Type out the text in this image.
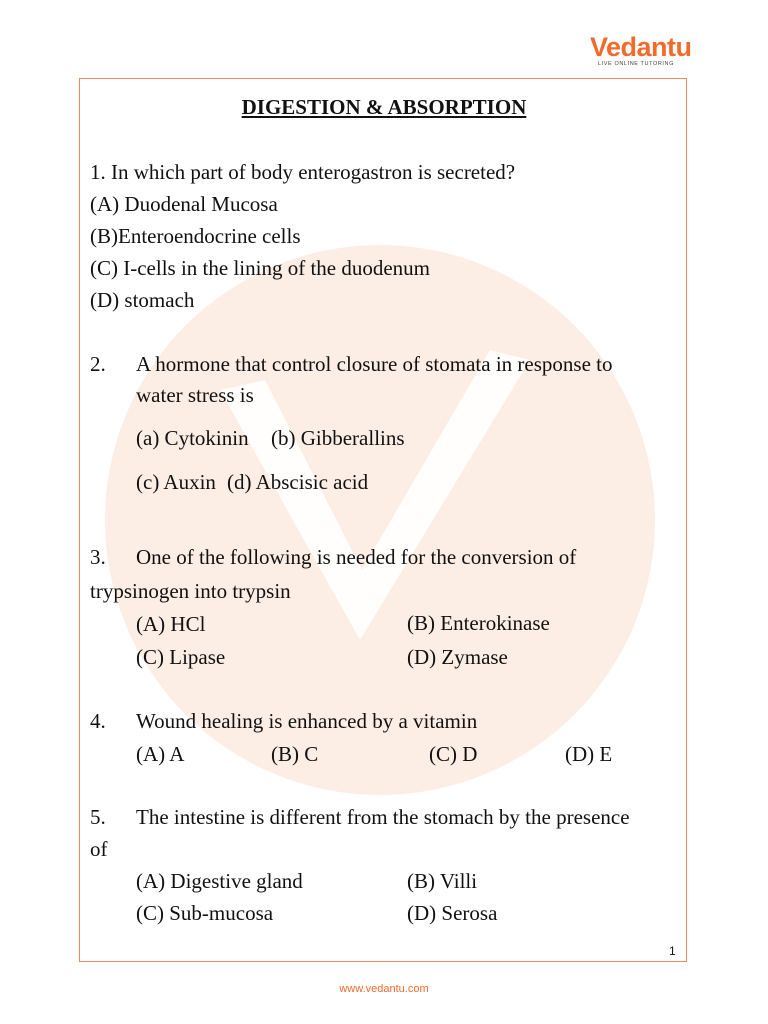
Vedantu
LIVE ONLINE TUTORING
DIGESTION & ABSORPTION
1. In which part of body enterogastron is secreted?
(A) Duodenal Mucosa
(B)Enteroendocrine cells
(C) I-cells in the lining of the duodenum
(D) stomach
2. A hormone that control closure of stomata in response to
water stress is
(a) Cytokinin (b) Gibberallins
(c) Auxin (d) Abscisic acid
3. One of the following is needed for the conversion of
trypsinogen into trypsin
(A) HCl	(B) Enterokinase
(C) Lipase	(D) Zymase
4. Wound healing is enhanced by a vitamin
(A) A	(B) C	(C) D	(D) E
5. The intestine is different from the stomach by the presence
of
(A) Digestive gland	(B) Villi
(C) Sub-mucosa	(D) Serosa
1
www.vedantu.com
